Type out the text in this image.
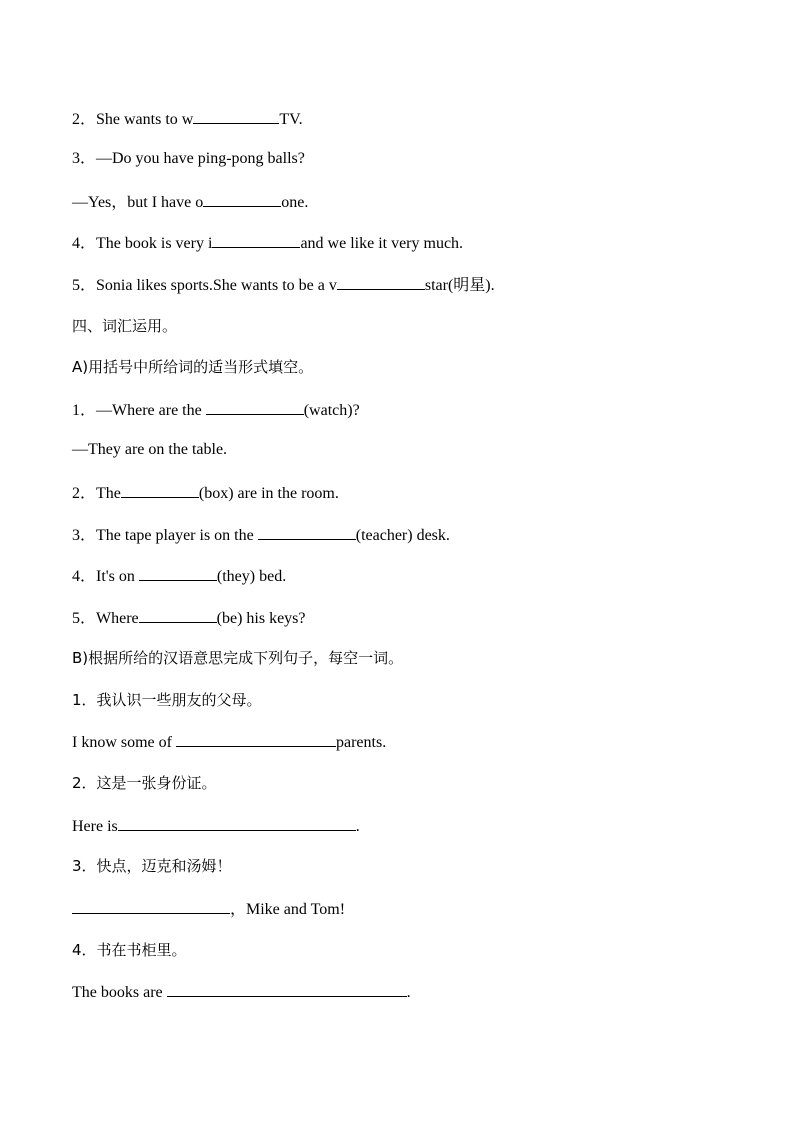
2．She wants to w	TV.
3．—Do you have ping-pong balls?
—Yes，but I have o	one.
4．The book is very i	and we like it very much.
5．Sonia likes sports.She wants to be a v	star(明星).
四、词汇运用。
A)用括号中所给词的适当形式填空。
1．—Where are the	(watch)?
—They are on the table.
2．The	(box) are in the room.
3．The tape player is on the	(teacher) desk.
4．It's on	(they) bed.
5．Where	(be) his keys?
B)根据所给的汉语意思完成下列句子，每空一词。
1．我认识一些朋友的父母。
I know some of	parents.
2．这是一张身份证。
Here is	.
3．快点，迈克和汤姆！
，Mike and Tom!
4．书在书柜里。
The books are	.
